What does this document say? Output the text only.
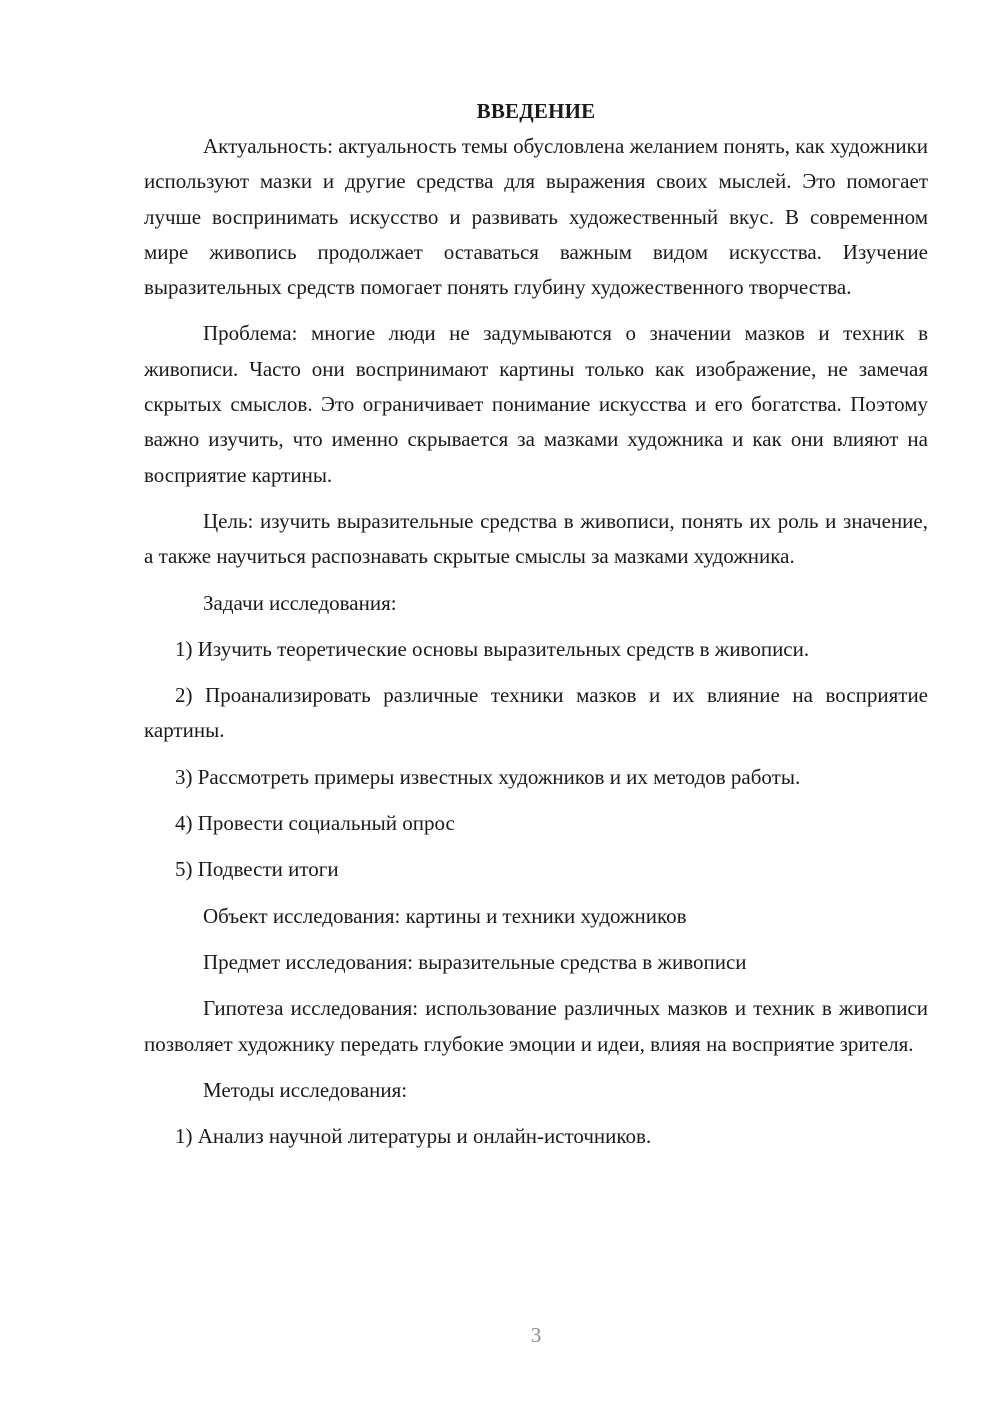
ВВЕДЕНИЕ

Актуальность: актуальность темы обусловлена желанием понять, как художники используют мазки и другие средства для выражения своих мыслей. Это помогает лучше воспринимать искусство и развивать художественный вкус. В современном мире живопись продолжает оставаться важным видом искусства. Изучение выразительных средств помогает понять глубину художественного творчества.

Проблема: многие люди не задумываются о значении мазков и техник в живописи. Часто они воспринимают картины только как изображение, не замечая скрытых смыслов. Это ограничивает понимание искусства и его богатства. Поэтому важно изучить, что именно скрывается за мазками художника и как они влияют на восприятие картины.

Цель: изучить выразительные средства в живописи, понять их роль и значение, а также научиться распознавать скрытые смыслы за мазками художника.

Задачи исследования:

1) Изучить теоретические основы выразительных средств в живописи.

2) Проанализировать различные техники мазков и их влияние на восприятие картины.

3) Рассмотреть примеры известных художников и их методов работы.

4) Провести социальный опрос

5) Подвести итоги

Объект исследования: картины и техники художников

Предмет исследования: выразительные средства в живописи

Гипотеза исследования: использование различных мазков и техник в живописи позволяет художнику передать глубокие эмоции и идеи, влияя на восприятие зрителя.

Методы исследования:

1) Анализ научной литературы и онлайн-источников.

3
